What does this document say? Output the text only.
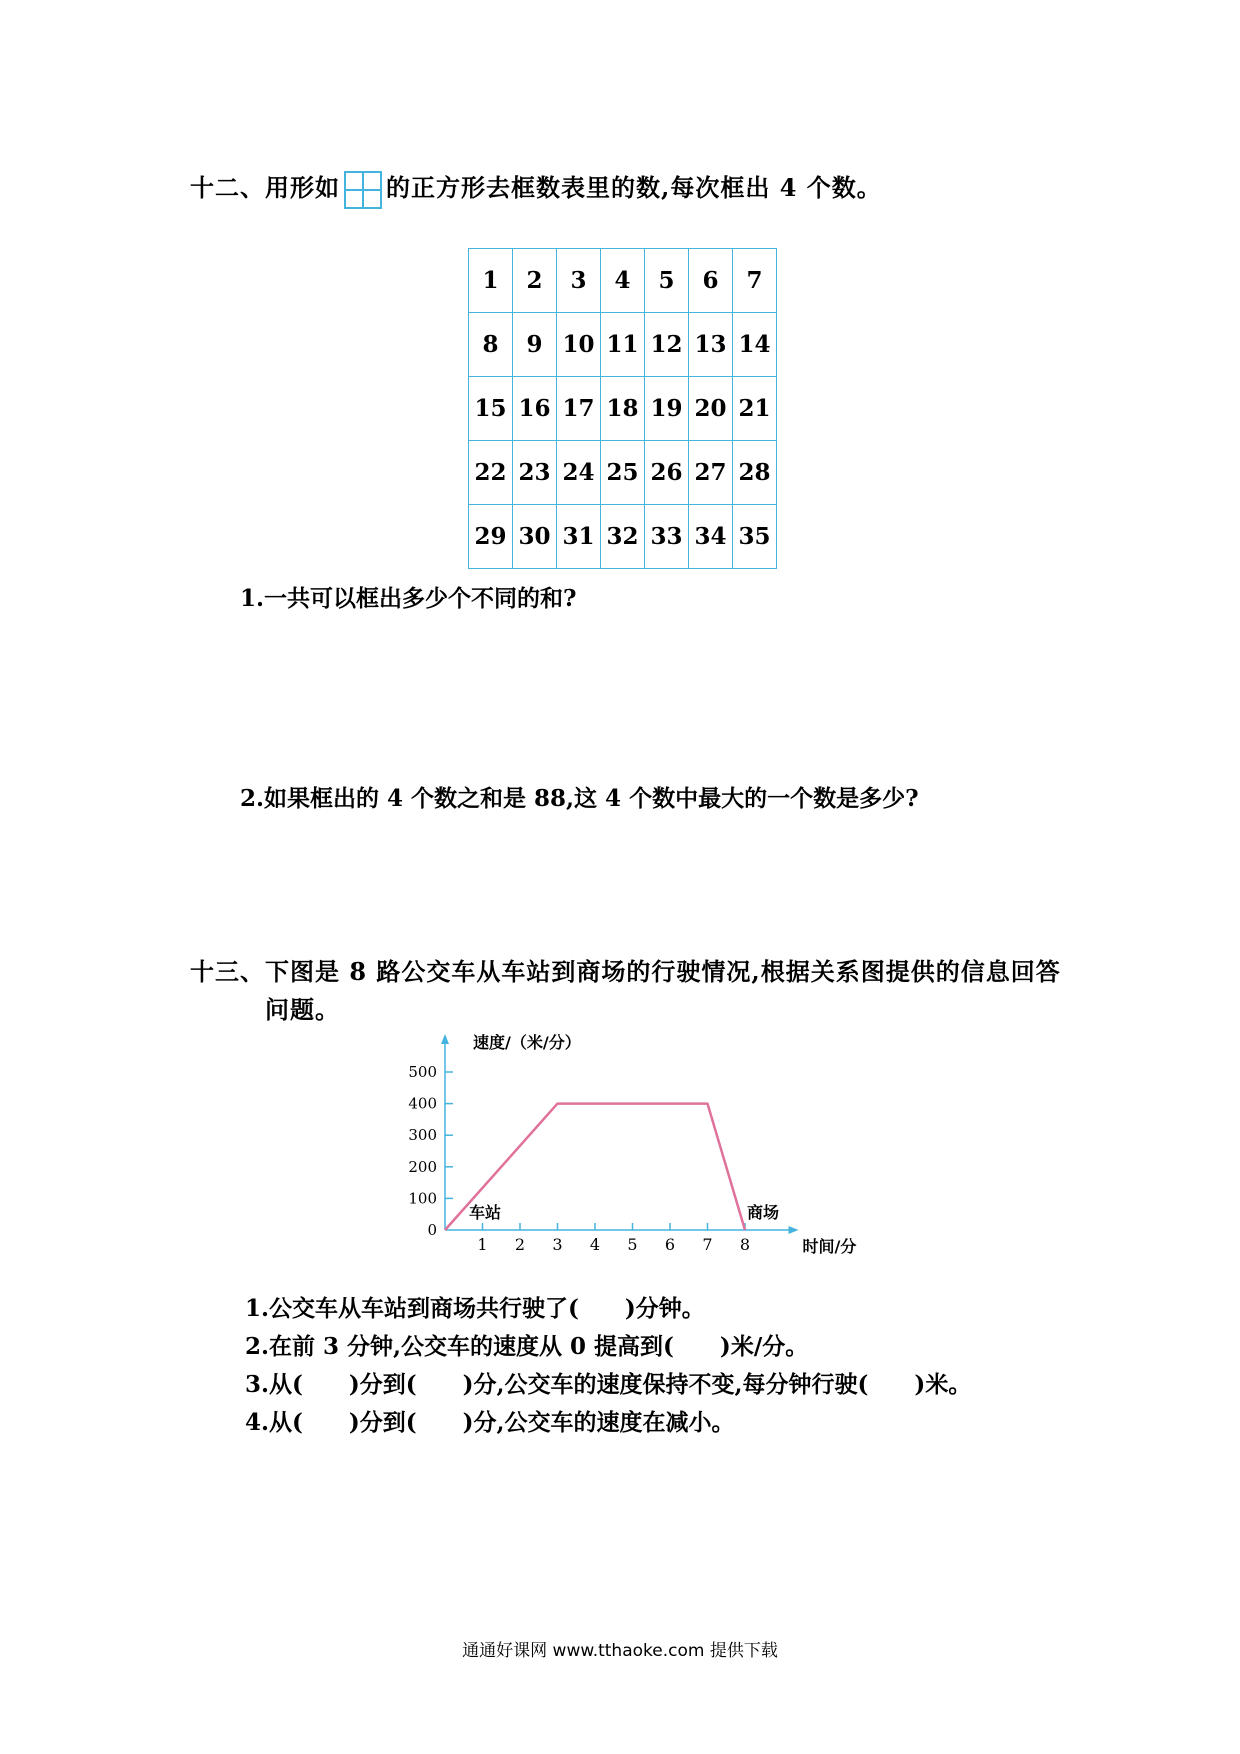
十二、用形如 的正方形去框数表里的数,每次框出 4 个数。
1	2	3	4	5	6	7
8	9	10	11	12	13	14
15	16	17	18	19	20	21
22	23	24	25	26	27	28
29	30	31	32	33	34	35
1.一共可以框出多少个不同的和?
2.如果框出的 4 个数之和是 88,这 4 个数中最大的一个数是多少?
十三、下图是 8 路公交车从车站到商场的行驶情况,根据关系图提供的信息回答
问题。
1 2 3 4 5 6 7 8
0
100
200
300
400
500
速度/（米/分）
时间/分
车站	商场
1.公交车从车站到商场共行驶了(　　)分钟。
2.在前 3 分钟,公交车的速度从 0 提高到(　　)米/分。
3.从(　　)分到(　　)分,公交车的速度保持不变,每分钟行驶(　　)米。
4.从(　　)分到(　　)分,公交车的速度在减小。
通通好课网 www.tthaoke.com 提供下载
